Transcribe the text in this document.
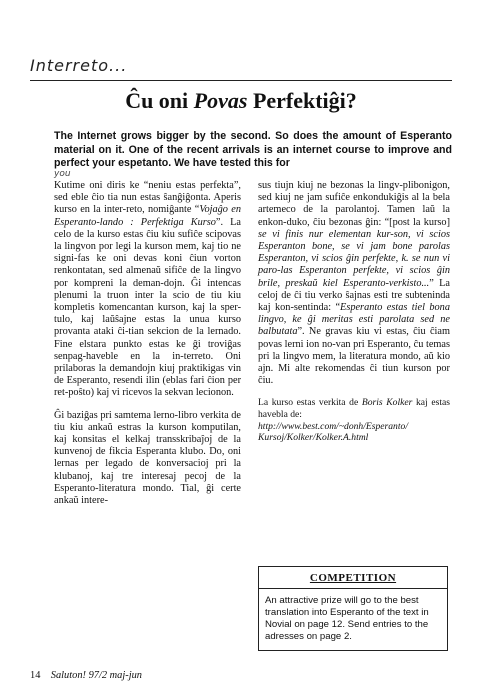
Interreto...
Ĉu oni Povas Perfektiĝi?
The Internet grows bigger by the second. So does the amount of Esperanto material on it. One of the recent arrivals is an internet course to improve and perfect your espetanto. We have tested this for
you

Kutime oni diris ke “neniu estas perfekta”, sed eble ĉio tia nun estas ŝanĝiĝonta. Aperis kurso en la inter-reto, nomiĝante “Vojaĝo en Esperanto-lando : Perfektiga Kurso”. La celo de la kurso estas ĉiu kiu sufiĉe scipovas la lingvon por legi la kurson mem, kaj tio ne signi-fas ke oni devas koni ĉiun vorton renkontatan, sed almenaŭ sifiĉe de la lingvo por kompreni la deman-dojn. Ĝi intencas plenumi la truon inter la scio de tiu kiu kompletis komencantan kurson, kaj la sper-tulo, kaj laŭŝajne estas la unua kurso provanta ataki ĉi-tian sekcion de la lernado. Fine elstara punkto estas ke ĝi troviĝas senpag-haveble en la in-terreto. Oni prilaboras la demandojn kiuj praktikigas vin de Esperanto, resendi ilin (eblas fari ĉion per ret-poŝto) kaj vi ricevos la sekvan lecionon.

Ĝi baziĝas pri samtema lerno-libro verkita de tiu kiu ankaŭ estras la kurson komputilan, kaj konsitas el kelkaj transskribaĵoj de la kunvenoj de fikcia Esperanta klubo. Do, oni lernas per legado de konversacioj pri la klubanoj, kaj tre interesaj pecoj de la Esperanto-literatura mondo. Tial, ĝi certe ankaŭ intere-

sus tiujn kiuj ne bezonas la lingv-plibonigon, sed kiuj ne jam sufiĉe enkondukiĝis al la bela artemeco de la parolantoj. Tamen laŭ la enkon-duko, ĉiu bezonas ĝin: “[post la kurso] se vi finis nur elementan kur-son, vi scios Esperanton bone, se vi jam bone parolas Esperanton, vi scios ĝin perfekte, k. se nun vi paro-las Esperanton perfekte, vi scios ĝin brile, preskaŭ kiel Esperanto-verkisto...” La celoj de ĉi tiu verko ŝajnas esti tre subteninda kaj kon-sentinda: “Esperanto estas tiel bona lingvo, ke ĝi meritas esti parolata sed ne balbutata”. Ne gravas kiu vi estas, ĉiu ĉiam povas lerni ion no-van pri Esperanto, ĉu temas pri la lingvo mem, la literatura mondo, aŭ kio ajn. Mi alte rekomendas ĉi tiun kurson por ĉiu.

La kurso estas verkita de Boris Kolker kaj estas havebla de:
http://www.best.com/~donh/Esperanto/ Kursoj/Kolker/Kolker.A.html

COMPETITION
An attractive prize will go to the best translation into Esperanto of the text in Novial on page 12. Send entries to the adresses on page 2.
14 Saluton! 97/2 maj-jun
